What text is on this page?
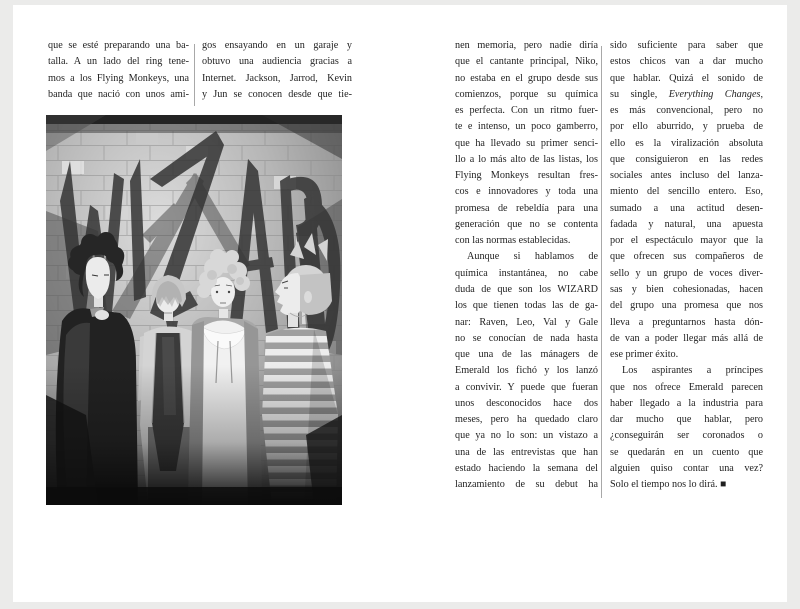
que se esté preparando una ba-
talla. A un lado del ring tene-
mos a los Flying Monkeys, una
banda que nació con unos ami-
gos ensayando en un garaje y
obtuvo una audiencia gracias a
Internet. Jackson, Jarrod, Kevin
y Jun se conocen desde que tie-
nen memoria, pero nadie diría
que el cantante principal, Niko,
no estaba en el grupo desde sus
comienzos, porque su química
es perfecta. Con un ritmo fuer-
te e intenso, un poco gamberro,
que ha llevado su primer senci-
llo a lo más alto de las listas, los
Flying Monkeys resultan fres-
cos e innovadores y toda una
promesa de rebeldía para una
generación que no se contenta
con las normas establecidas.
Aunque si hablamos de
química instantánea, no cabe
duda de que son los WIZARD
los que tienen todas las de ga-
nar: Raven, Leo, Val y Gale
no se conocían de nada hasta
que una de las mánagers de
Emerald los fichó y los lanzó
a convivir. Y puede que fueran
unos desconocidos hace dos
meses, pero ha quedado claro
que ya no lo son: un vistazo a
una de las entrevistas que han
estado haciendo la semana del
lanzamiento de su debut ha
sido suficiente para saber que
estos chicos van a dar mucho
que hablar. Quizá el sonido de
su single, Everything Changes,
es más convencional, pero no
por ello aburrido, y prueba de
ello es la viralización absoluta
que consiguieron en las redes
sociales antes incluso del lanza-
miento del sencillo entero. Eso,
sumado a una actitud desen-
fadada y natural, una apuesta
por el espectáculo mayor que la
que ofrecen sus compañeros de
sello y un grupo de voces diver-
sas y bien cohesionadas, hacen
del grupo una promesa que nos
lleva a preguntarnos hasta dón-
de van a poder llegar más allá de
ese primer éxito.
Los aspirantes a príncipes
que nos ofrece Emerald parecen
haber llegado a la industria para
dar mucho que hablar, pero
¿conseguirán ser coronados o
se quedarán en un cuento que
alguien quiso contar una vez?
Solo el tiempo nos lo dirá. ■
